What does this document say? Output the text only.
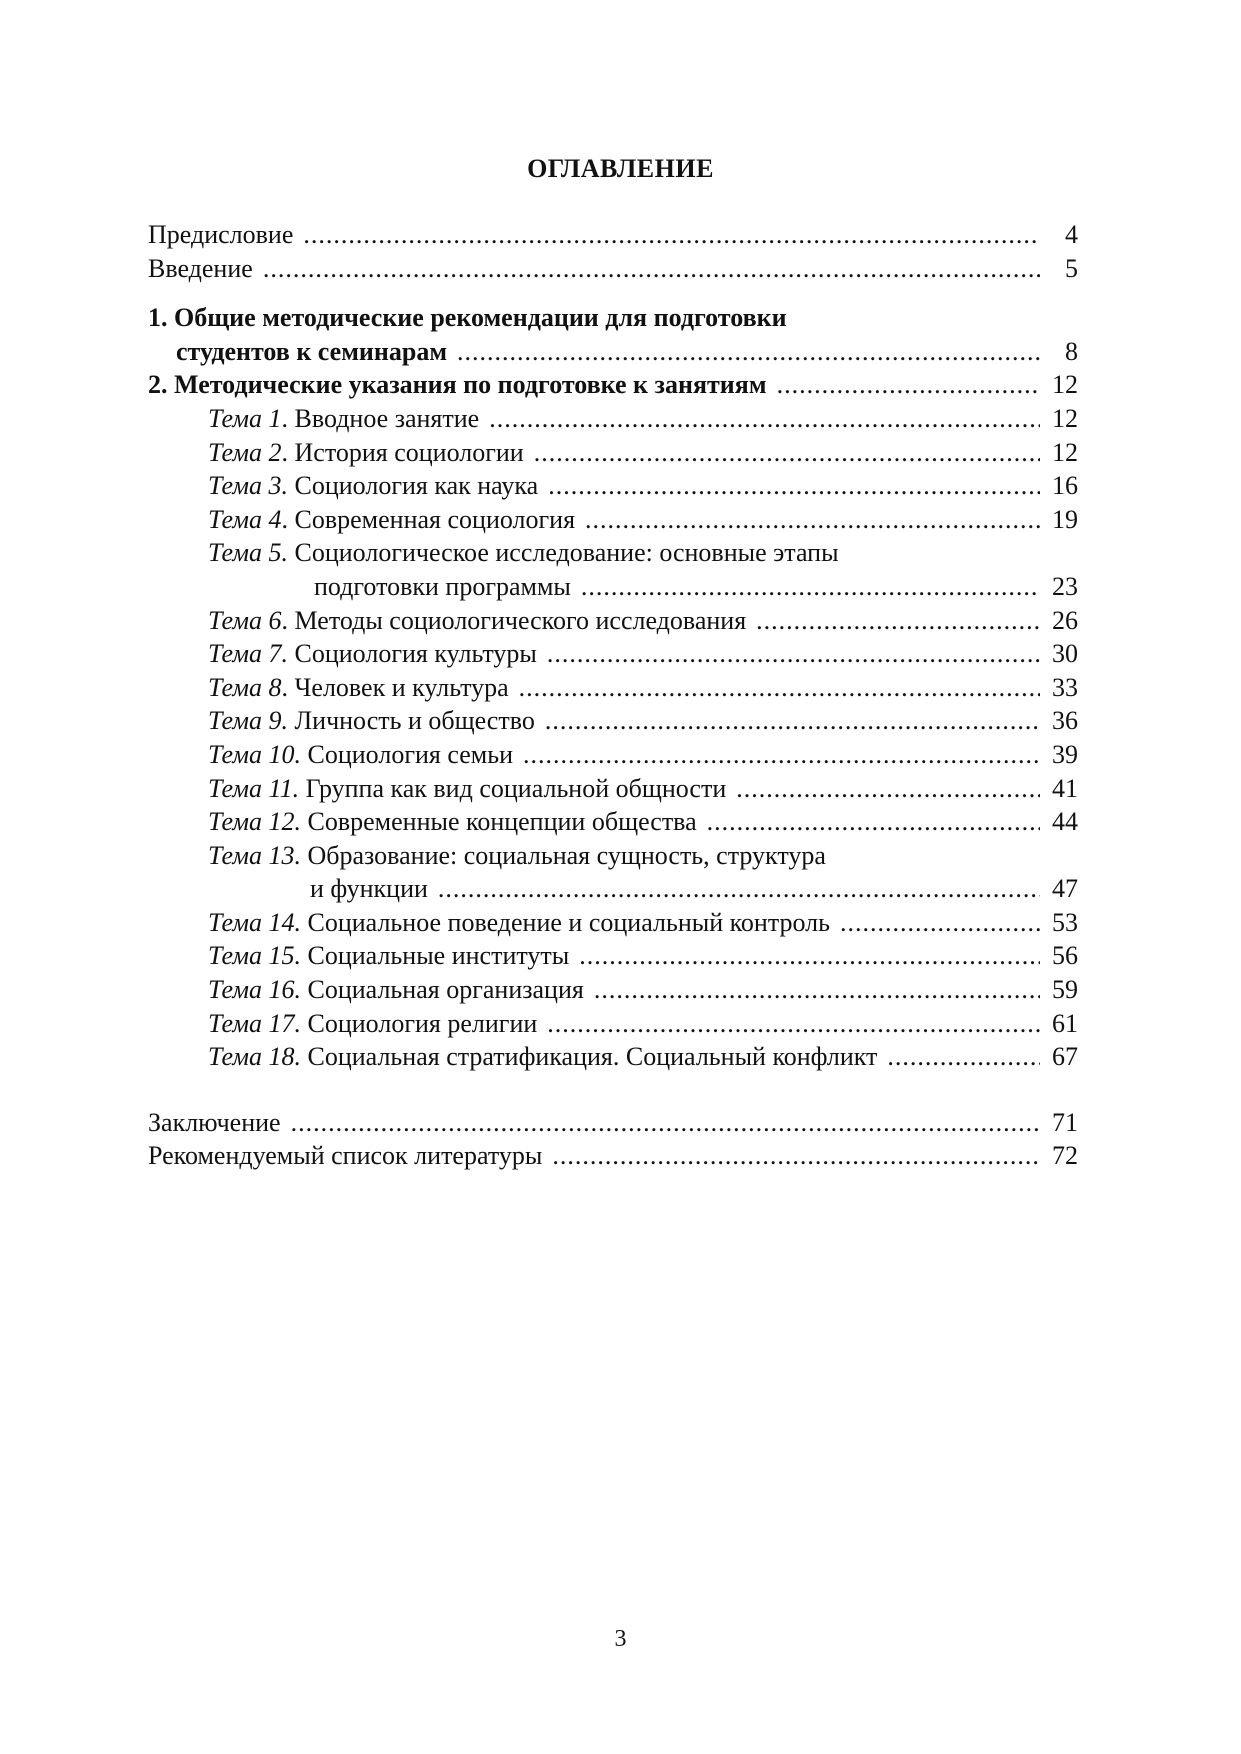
ОГЛАВЛЕНИЕ
Предисловие .....	4
Введение .....	5
1. Общие методические рекомендации для подготовки
студентов к семинарам .....	8
2. Методические указания по подготовке к занятиям .....	12
Тема 1. Вводное занятие .....	12
Тема 2. История социологии .....	12
Тема 3. Социология как наука .....	16
Тема 4. Современная социология .....	19
Тема 5. Социологическое исследование: основные этапы
подготовки программы .....	23
Тема 6. Методы социологического исследования .....	26
Тема 7. Социология культуры .....	30
Тема 8. Человек и культура .....	33
Тема 9. Личность и общество .....	36
Тема 10. Социология семьи .....	39
Тема 11. Группа как вид социальной общности .....	41
Тема 12. Современные концепции общества .....	44
Тема 13. Образование: социальная сущность, структура
и функции .....	47
Тема 14. Социальное поведение и социальный контроль .....	53
Тема 15. Социальные институты .....	56
Тема 16. Социальная организация .....	59
Тема 17. Социология религии .....	61
Тема 18. Социальная стратификация. Социальный конфликт .....	67
Заключение .....	71
Рекомендуемый список литературы .....	72
3
